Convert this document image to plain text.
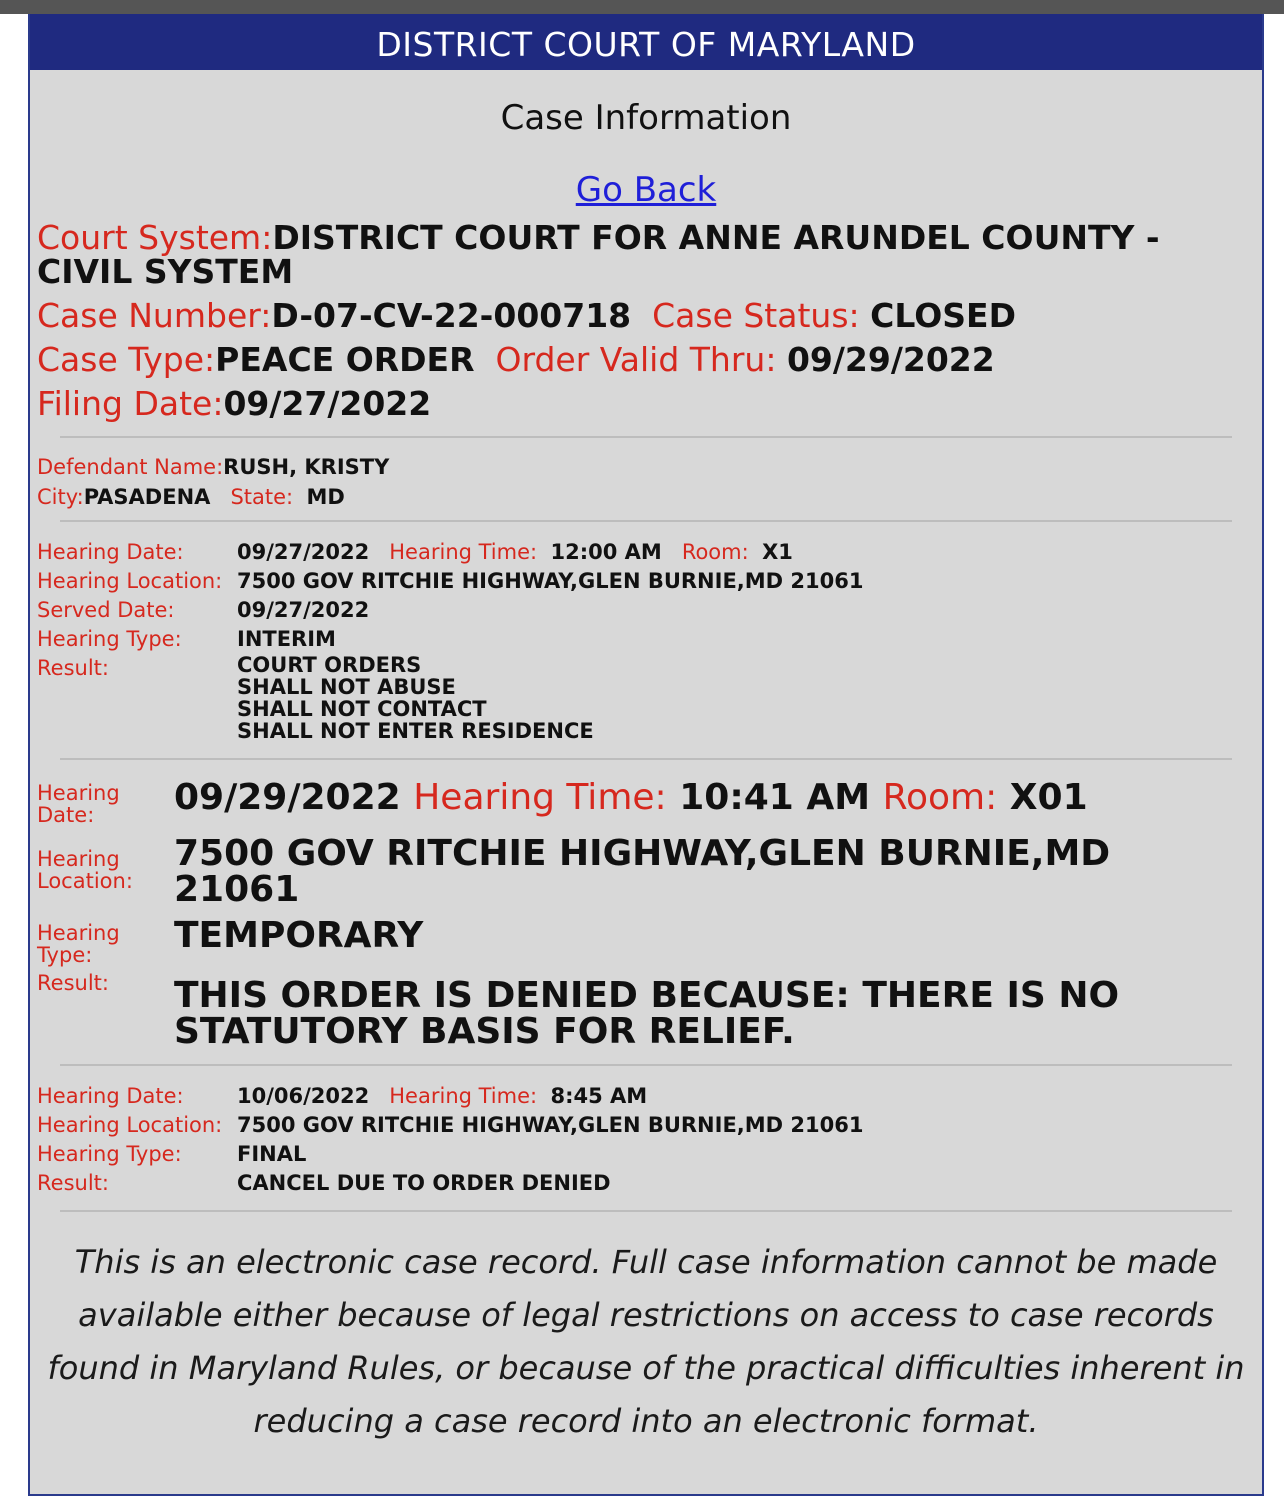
DISTRICT COURT OF MARYLAND
Case Information
Go Back
Court System:DISTRICT COURT FOR ANNE ARUNDEL COUNTY -
CIVIL SYSTEM
Case Number:D-07-CV-22-000718 Case Status: CLOSED
Case Type:PEACE ORDER Order Valid Thru: 09/29/2022
Filing Date:09/27/2022
Defendant Name:RUSH, KRISTY
City:PASADENA State: MD
Hearing Date:	09/27/2022 Hearing Time: 12:00 AM Room: X1
Hearing Location: 7500 GOV RITCHIE HIGHWAY,GLEN BURNIE,MD 21061
Served Date:	09/27/2022
Hearing Type:	INTERIM
Result:	COURT ORDERS
SHALL NOT ABUSE
SHALL NOT CONTACT
SHALL NOT ENTER RESIDENCE
Hearing
Date:	09/29/2022 Hearing Time: 10:41 AM Room: X01
Hearing
Location:
7500 GOV RITCHIE HIGHWAY,GLEN BURNIE,MD
21061
Hearing
Type:	TEMPORARY
Result:	THIS ORDER IS DENIED BECAUSE: THERE IS NO
STATUTORY BASIS FOR RELIEF.
Hearing Date:	10/06/2022 Hearing Time: 8:45 AM
Hearing Location: 7500 GOV RITCHIE HIGHWAY,GLEN BURNIE,MD 21061
Hearing Type:	FINAL
Result:	CANCEL DUE TO ORDER DENIED
This is an electronic case record. Full case information cannot be made available either because of legal restrictions on access to case records found in Maryland Rules, or because of the practical difficulties inherent in reducing a case record into an electronic format.
